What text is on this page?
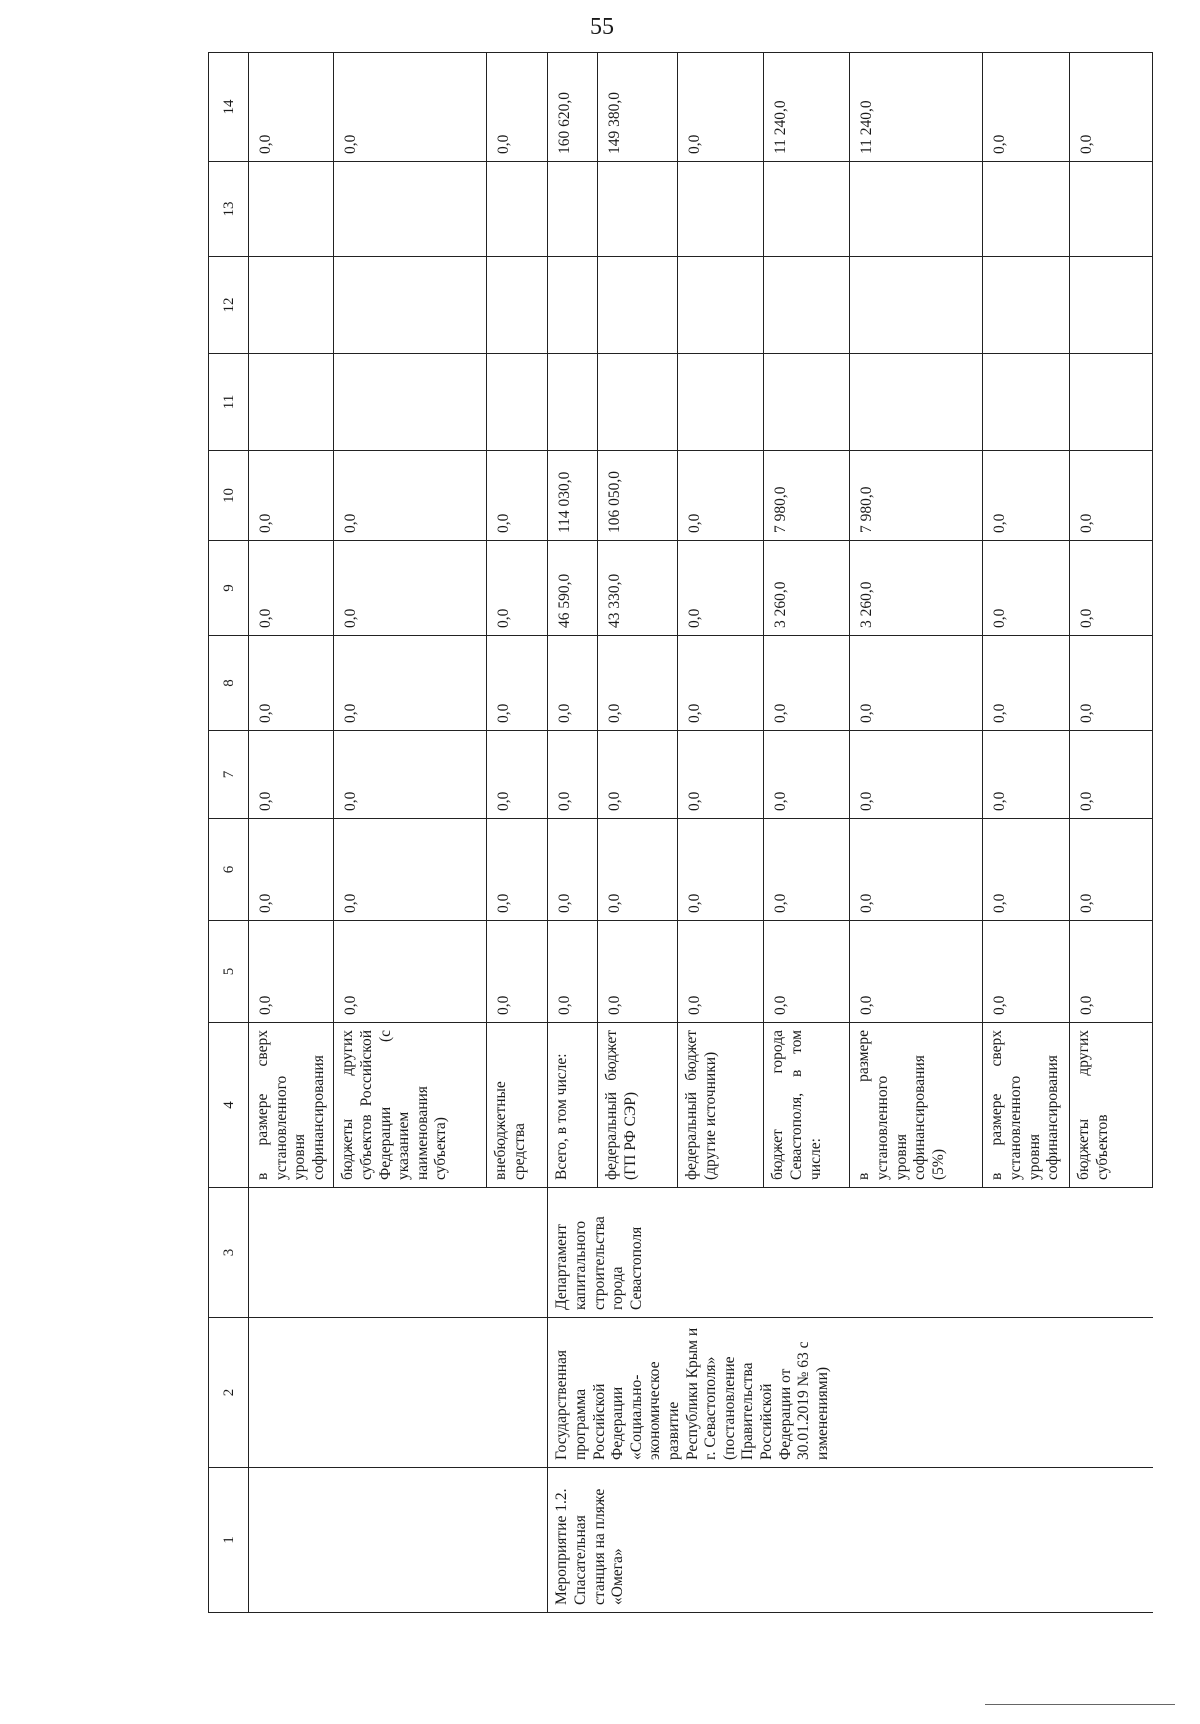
55
1	2	3	4	5	6	7	8	9	10	11	12	13	14
			в размере сверх установленного уровня софинансирования	0,0	0,0	0,0	0,0	0,0	0,0				0,0
			бюджеты других субъектов Российской Федерации (с указанием наименования субъекта)	0,0	0,0	0,0	0,0	0,0	0,0				0,0
			внебюджетные средства	0,0	0,0	0,0	0,0	0,0	0,0				0,0
Мероприятие 1.2. Спасательная станция на пляже «Омега»	Государственная программа Российской Федерации «Социально-экономическое развитие Республики Крым и г. Севастополя» (постановление Правительства Российской Федерации от 30.01.2019 № 63 с изменениями)	Департамент капитального строительства города Севастополя	Всего, в том числе:	0,0	0,0	0,0	0,0	46 590,0	114 030,0				160 620,0
			федеральный бюджет (ГП РФ СЭР)	0,0	0,0	0,0	0,0	43 330,0	106 050,0				149 380,0
			федеральный бюджет (другие источники)	0,0	0,0	0,0	0,0	0,0	0,0				0,0
			бюджет города Севастополя, в том числе:	0,0	0,0	0,0	0,0	3 260,0	7 980,0				11 240,0
			в размере установленного уровня софинансирования (5%)	0,0	0,0	0,0	0,0	3 260,0	7 980,0				11 240,0
			в размере сверх установленного уровня софинансирования	0,0	0,0	0,0	0,0	0,0	0,0				0,0
			бюджеты других субъектов	0,0	0,0	0,0	0,0	0,0	0,0				0,0
